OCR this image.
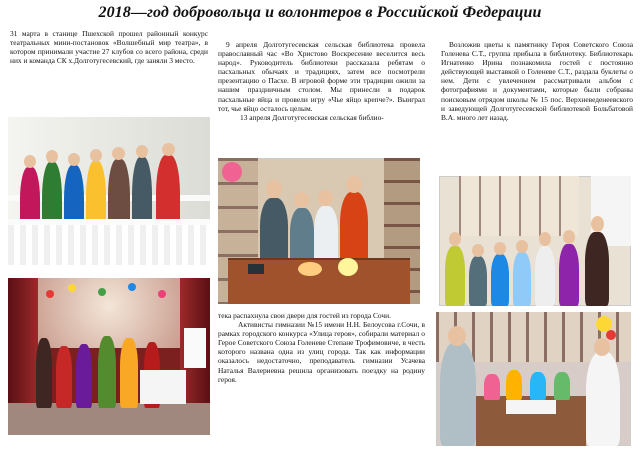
2018—год добровольца и волонтеров в Российской Федерации

31 марта в станице Пшехской прошел районный конкурс театральных мини-постановок «Волшебный мир театра», в котором принимали участие 27 клубов со всего района, среди них и команда СК х.Долготугесевский, где заняли 3 место.

9 апреля Долготугесевская сельская библиотека провела православный час «Во Христово Воскресение веселится весь народ». Руководитель библиотеки рассказала ребятам о пасхальных обычаях и традициях, затем все посмотрели презентацию о Пасхе. В игровой форме эти традиции ожили за нашим праздничным столом. Мы принесли в подарок пасхальные яйца и провели игру «Чье яйцо крепче?». Выиграл тот, чье яйцо осталось целым.

13 апреля Долготугесевская сельская библио-

тека распахнула свои двери для гостей из города Сочи.

Активисты гимназии №15 имени Н.Н. Белоусова г.Сочи, в рамках городского конкурса «Улица героя», собирали материал о Герое Советского Союза Голеневе Степане Трофимовиче, в честь которого названа одна из улиц города. Так как информации оказалось недостаточно, преподаватель гимназии Усачева Наталья Валериевна решила организовать поездку на родину героя.

Возложив цветы к памятнику Героя Советского Союза Голенева С.Т., группа прибыла в библиотеку. Библиотекарь Игнатенко Ирина познакомила гостей с постоянно действующей выставкой о Голеневе С.Т., раздала буклеты о нем. Дети с увлечением рассматривали альбом с фотографиями и документами, которые были собраны поисковым отрядом школы № 15 пос. Верхневеденеевского и заведующей Долготугесевской библиотекой Больбатовой В.А. много лет назад.
